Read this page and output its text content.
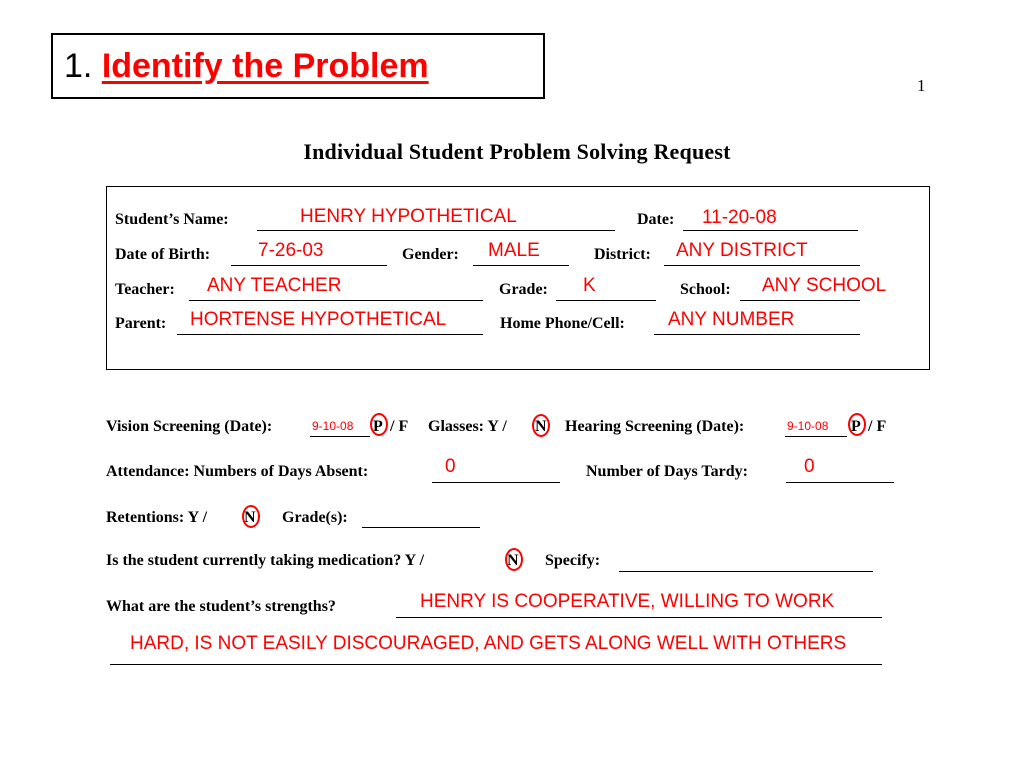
1. Identify the Problem
1
Individual Student Problem Solving Request
Student’s Name:	HENRY HYPOTHETICAL	Date: 11-20-08
Date of Birth:	7-26-03	Gender: MALE	District: ANY DISTRICT
Teacher: ANY TEACHER	Grade: K	School: ANY SCHOOL
Parent: HORTENSE HYPOTHETICAL	Home Phone/Cell: ANY NUMBER
Vision Screening (Date):	9-10-08 P / F Glasses: Y / N Hearing Screening (Date):	9-10-08 P / F
Attendance: Numbers of Days Absent:	0	Number of Days Tardy:	0
Retentions: Y / N Grade(s):
Is the student currently taking medication? Y /	N Specify:
What are the student’s strengths?	HENRY IS COOPERATIVE, WILLING TO WORK
HARD, IS NOT EASILY DISCOURAGED, AND GETS ALONG WELL WITH OTHERS
